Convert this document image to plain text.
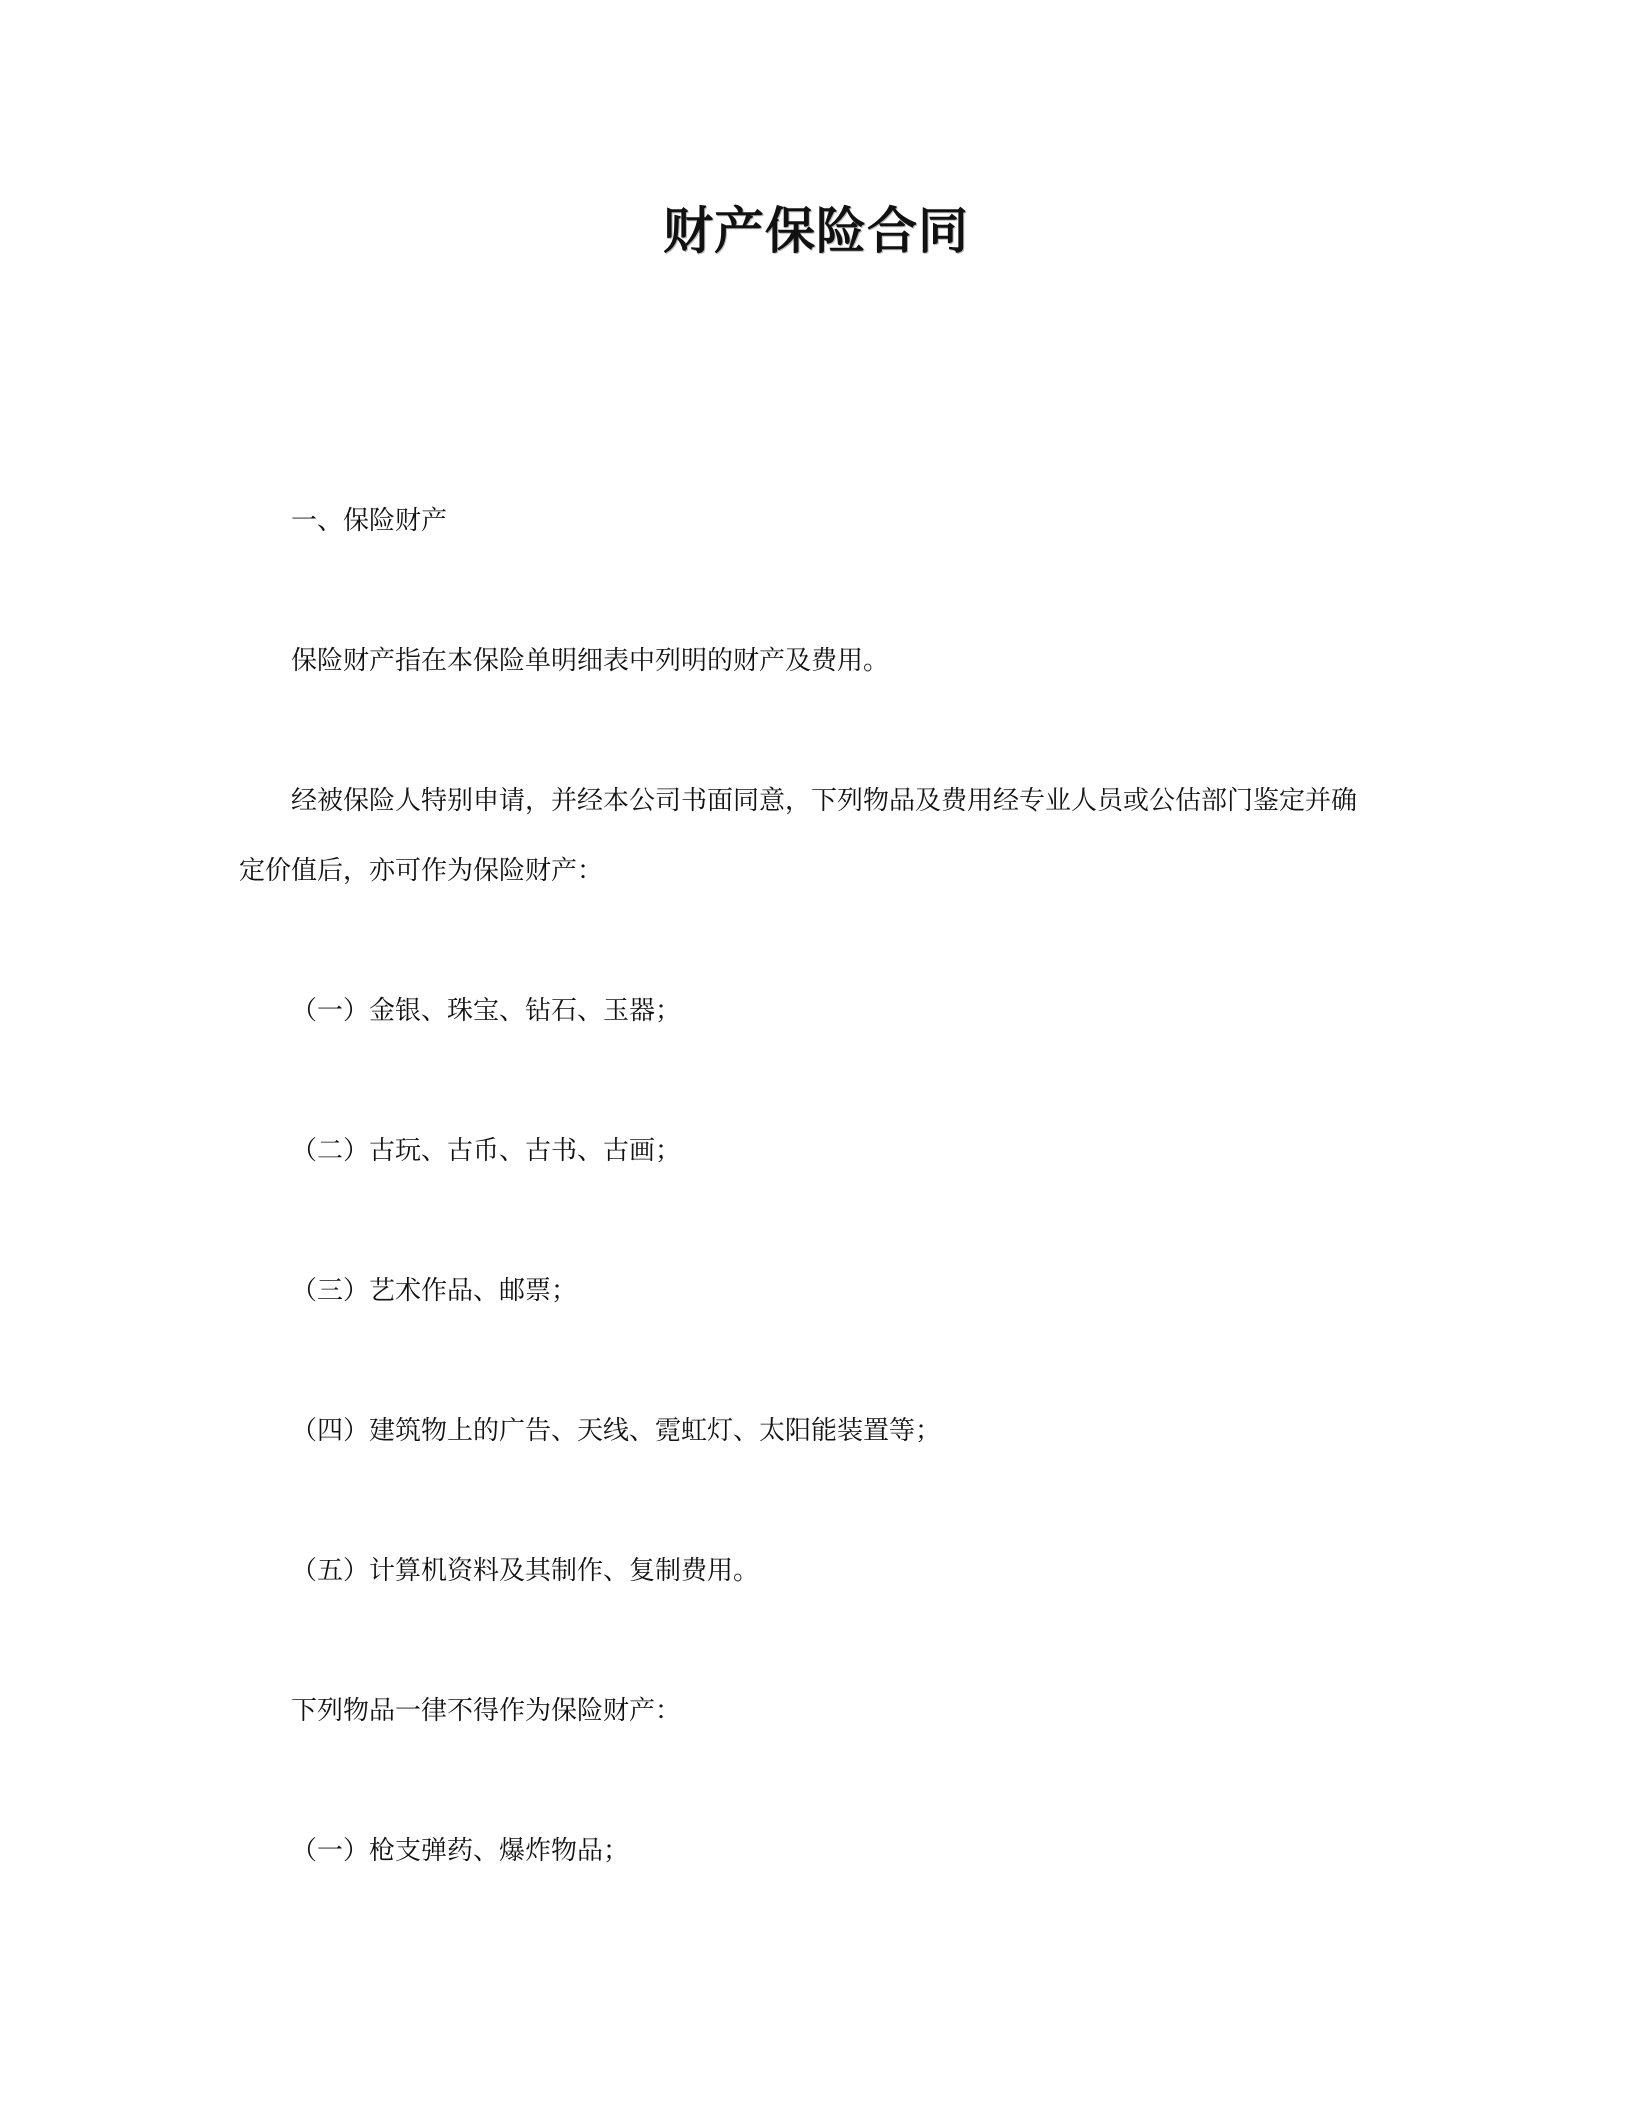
财产保险合同
一、保险财产
保险财产指在本保险单明细表中列明的财产及费用。
经被保险人特别申请，并经本公司书面同意，下列物品及费用经专业人员或公估部门鉴定并确
定价值后，亦可作为保险财产：
（一）金银、珠宝、钻石、玉器；
（二）古玩、古币、古书、古画；
（三）艺术作品、邮票；
（四）建筑物上的广告、天线、霓虹灯、太阳能装置等；
（五）计算机资料及其制作、复制费用。
下列物品一律不得作为保险财产：
（一）枪支弹药、爆炸物品；
